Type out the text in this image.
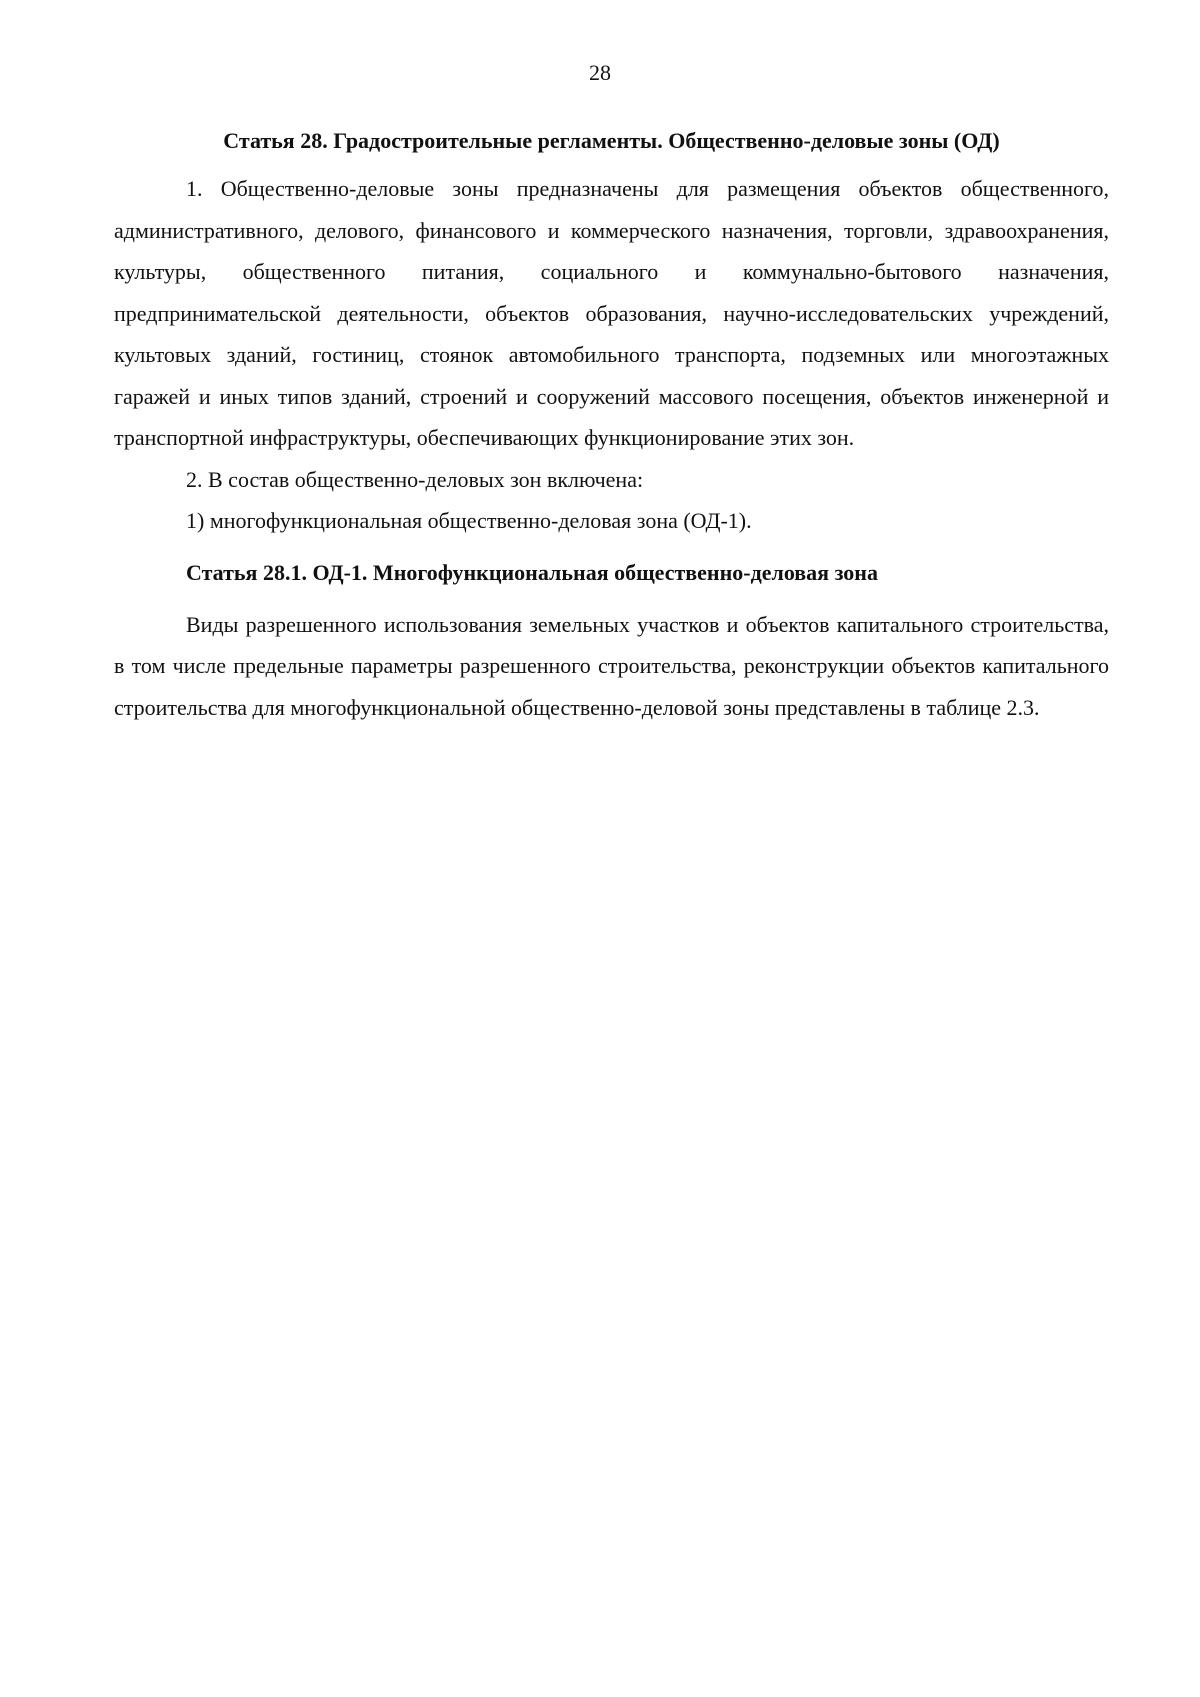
28
Статья 28. Градостроительные регламенты. Общественно-деловые зоны (ОД)

1. Общественно-деловые зоны предназначены для размещения объектов общественного, административного, делового, финансового и коммерческого назначения, торговли, здравоохранения, культуры, общественного питания, социального и коммунально-бытового назначения, предпринимательской деятельности, объектов образования, научно-исследовательских учреждений, культовых зданий, гостиниц, стоянок автомобильного транспорта, подземных или многоэтажных гаражей и иных типов зданий, строений и сооружений массового посещения, объектов инженерной и транспортной инфраструктуры, обеспечивающих функционирование этих зон.

2. В состав общественно-деловых зон включена:

1) многофункциональная общественно-деловая зона (ОД-1).

Статья 28.1. ОД-1. Многофункциональная общественно-деловая зона

Виды разрешенного использования земельных участков и объектов капитального строительства, в том числе предельные параметры разрешенного строительства, реконструкции объектов капитального строительства для многофункциональной общественно-деловой зоны представлены в таблице 2.3.
